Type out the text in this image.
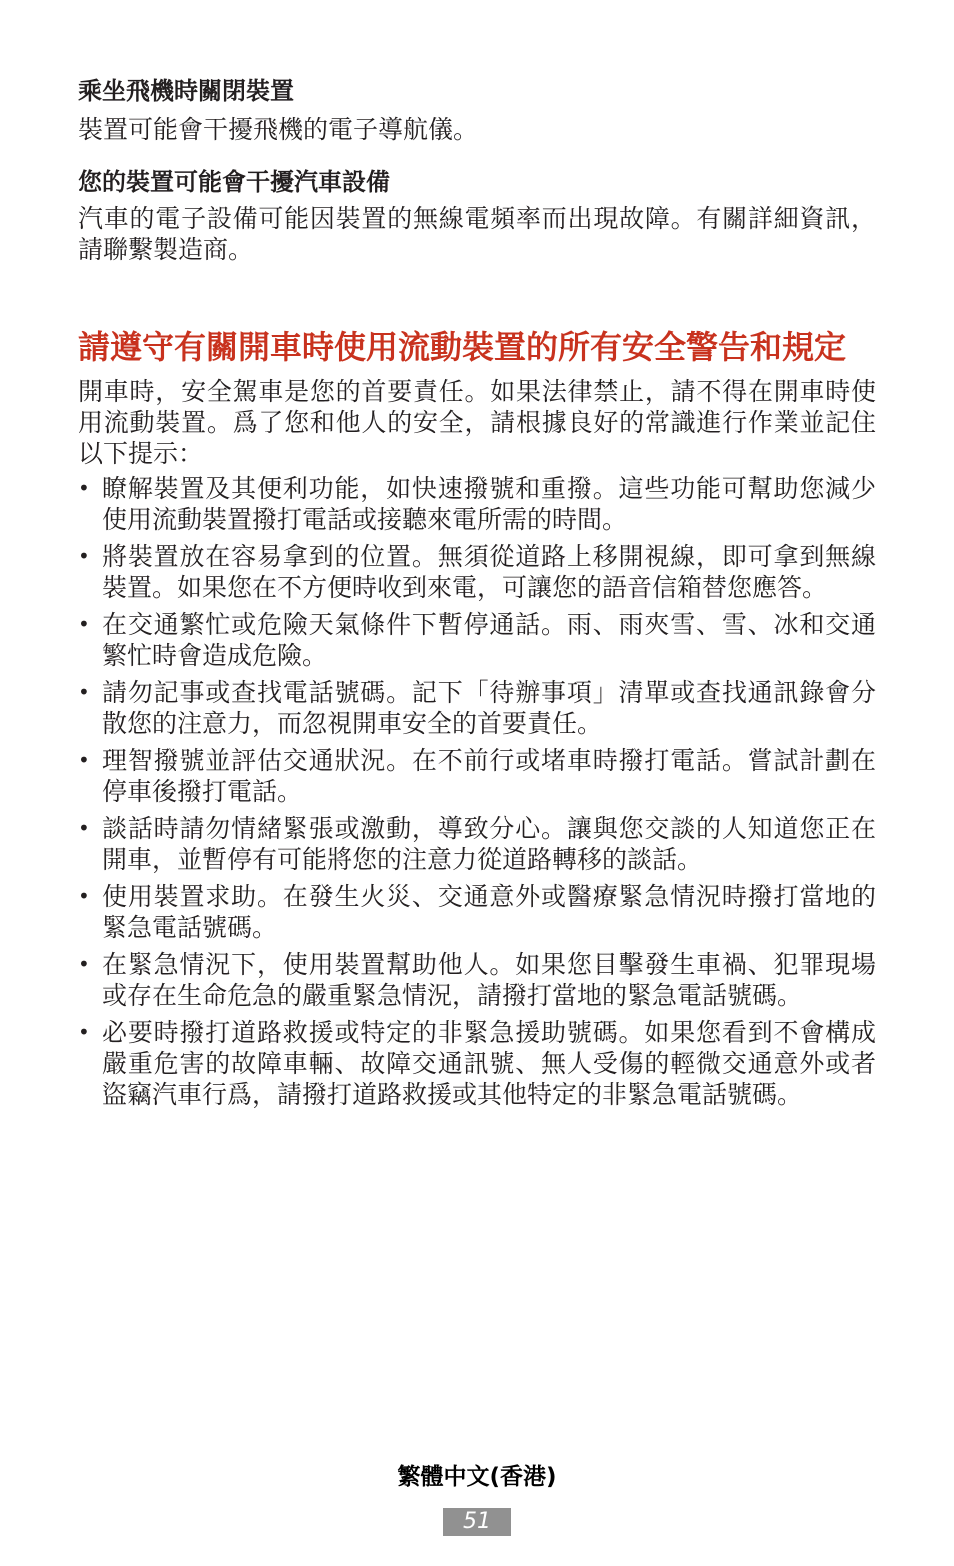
乘坐飛機時關閉裝置

裝置可能會干擾飛機的電子導航儀。

您的裝置可能會干擾汽車設備

汽車的電子設備可能因裝置的無線電頻率而出現故障。有關詳細資訊，請聯繫製造商。

請遵守有關開車時使用流動裝置的所有安全警告和規定

開車時，安全駕車是您的首要責任。如果法律禁止，請不得在開車時使用流動裝置。爲了您和他人的安全，請根據良好的常識進行作業並記住以下提示：

• 瞭解裝置及其便利功能，如快速撥號和重撥。這些功能可幫助您減少使用流動裝置撥打電話或接聽來電所需的時間。
• 將裝置放在容易拿到的位置。無須從道路上移開視線，即可拿到無線裝置。如果您在不方便時收到來電，可讓您的語音信箱替您應答。
• 在交通繁忙或危險天氣條件下暫停通話。雨、雨夾雪、雪、冰和交通繁忙時會造成危險。
• 請勿記事或查找電話號碼。記下「待辦事項」清單或查找通訊錄會分散您的注意力，而忽視開車安全的首要責任。
• 理智撥號並評估交通狀況。在不前行或堵車時撥打電話。嘗試計劃在停車後撥打電話。
• 談話時請勿情緒緊張或激動，導致分心。讓與您交談的人知道您正在開車，並暫停有可能將您的注意力從道路轉移的談話。
• 使用裝置求助。在發生火災、交通意外或醫療緊急情況時撥打當地的緊急電話號碼。
• 在緊急情況下，使用裝置幫助他人。如果您目擊發生車禍、犯罪現場或存在生命危急的嚴重緊急情況，請撥打當地的緊急電話號碼。
• 必要時撥打道路救援或特定的非緊急援助號碼。如果您看到不會構成嚴重危害的故障車輛、故障交通訊號、無人受傷的輕微交通意外或者盜竊汽車行爲，請撥打道路救援或其他特定的非緊急電話號碼。
繁體中文(香港)
51
